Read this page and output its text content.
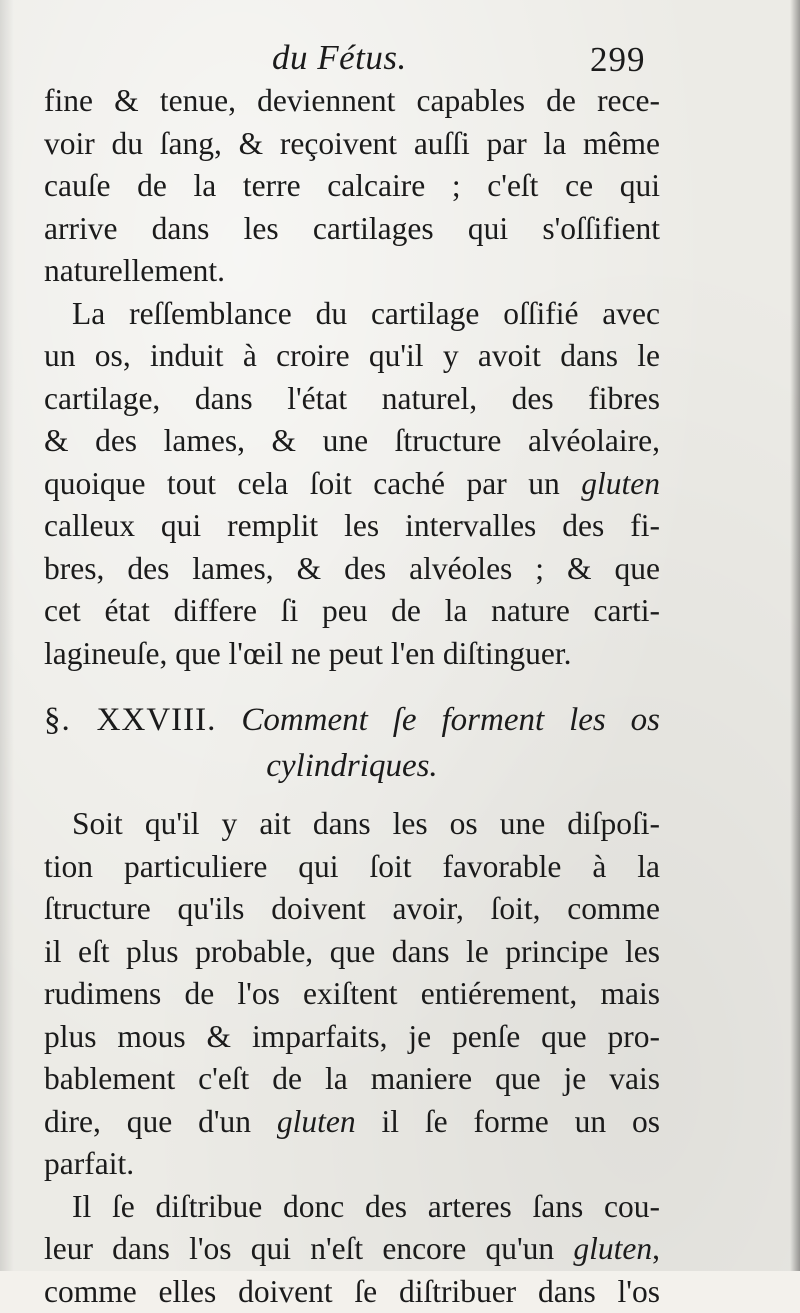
du Fétus.	299
fine & tenue, deviennent capables de rece-
voir du ſang, & reçoivent auſſi par la même
cauſe de la terre calcaire ; c'eſt ce qui
arrive dans les cartilages qui s'oſſifient
naturellement.
La reſſemblance du cartilage oſſifié avec
un os, induit à croire qu'il y avoit dans le
cartilage, dans l'état naturel, des fibres
& des lames, & une ſtructure alvéolaire,
quoique tout cela ſoit caché par un gluten
calleux qui remplit les intervalles des fi-
bres, des lames, & des alvéoles ; & que
cet état differe ſi peu de la nature carti-
lagineuſe, que l'œil ne peut l'en diſtinguer.
§. XXVIII. Comment ſe forment les os
cylindriques.
Soit qu'il y ait dans les os une diſpoſi-
tion particuliere qui ſoit favorable à la
ſtructure qu'ils doivent avoir, ſoit, comme
il eſt plus probable, que dans le principe les
rudimens de l'os exiſtent entiérement, mais
plus mous & imparfaits, je penſe que pro-
bablement c'eſt de la maniere que je vais
dire, que d'un gluten il ſe forme un os
parfait.
Il ſe diſtribue donc des arteres ſans cou-
leur dans l'os qui n'eſt encore qu'un gluten,
comme elles doivent ſe diſtribuer dans l'os
